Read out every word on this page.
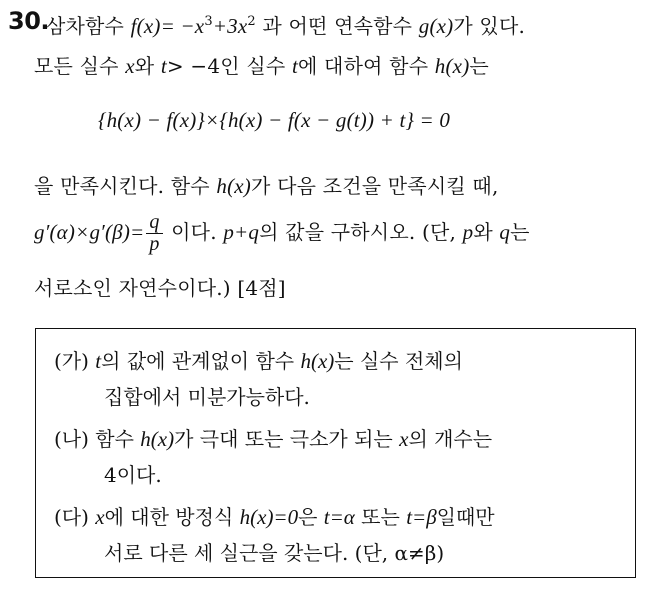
30.
삼차함수 $f(x)= -x^3+3x^2$ 과 어떤 연속함수 g(x)가 있다.
모든 실수 x와 t> −4인 실수 t에 대하여 함수 h(x)는
{h(x) − f(x)}×{h(x) − f(x − g(t)) + t} = 0
을 만족시킨다. 함수 h(x)가 다음 조건을 만족시킬 때,
$g'(\alpha)\times g'(\beta)= \frac{q}{p}$ 이다. p+q의 값을 구하시오. (단, p와 q는
서로소인 자연수이다.) [4점]
(가) t의 값에 관계없이 함수 h(x)는 실수 전체의
집합에서 미분가능하다.
(나) 함수 h(x)가 극대 또는 극소가 되는 x의 개수는
4이다.
(다) x에 대한 방정식 h(x)=0은 t=α 또는 t=β일때만
서로 다른 세 실근을 갖는다. (단, α≠β)
